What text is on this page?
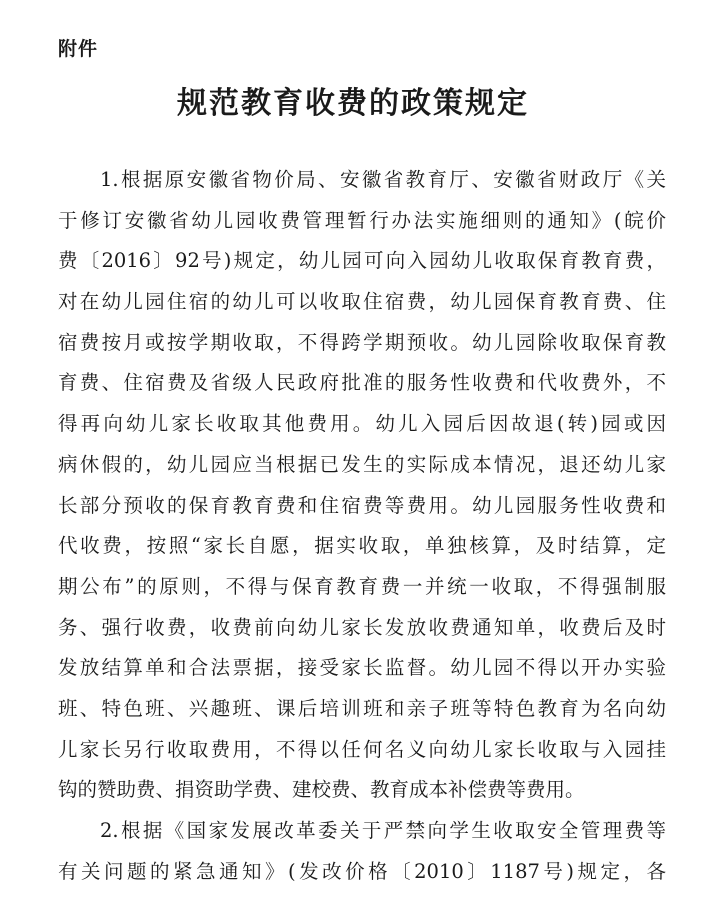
附件
规范教育收费的政策规定
1.根据原安徽省物价局、安徽省教育厅、安徽省财政厅《关
于修订安徽省幼儿园收费管理暂行办法实施细则的通知》(皖价
费〔2016〕92号)规定，幼儿园可向入园幼儿收取保育教育费，
对在幼儿园住宿的幼儿可以收取住宿费，幼儿园保育教育费、住
宿费按月或按学期收取，不得跨学期预收。幼儿园除收取保育教
育费、住宿费及省级人民政府批准的服务性收费和代收费外，不
得再向幼儿家长收取其他费用。幼儿入园后因故退(转)园或因
病休假的，幼儿园应当根据已发生的实际成本情况，退还幼儿家
长部分预收的保育教育费和住宿费等费用。幼儿园服务性收费和
代收费，按照“家长自愿，据实收取，单独核算，及时结算，定
期公布”的原则，不得与保育教育费一并统一收取，不得强制服
务、强行收费，收费前向幼儿家长发放收费通知单，收费后及时
发放结算单和合法票据，接受家长监督。幼儿园不得以开办实验
班、特色班、兴趣班、课后培训班和亲子班等特色教育为名向幼
儿家长另行收取费用，不得以任何名义向幼儿家长收取与入园挂
钩的赞助费、捐资助学费、建校费、教育成本补偿费等费用。
2.根据《国家发展改革委关于严禁向学生收取安全管理费等
有关问题的紧急通知》(发改价格〔2010〕1187号)规定，各
